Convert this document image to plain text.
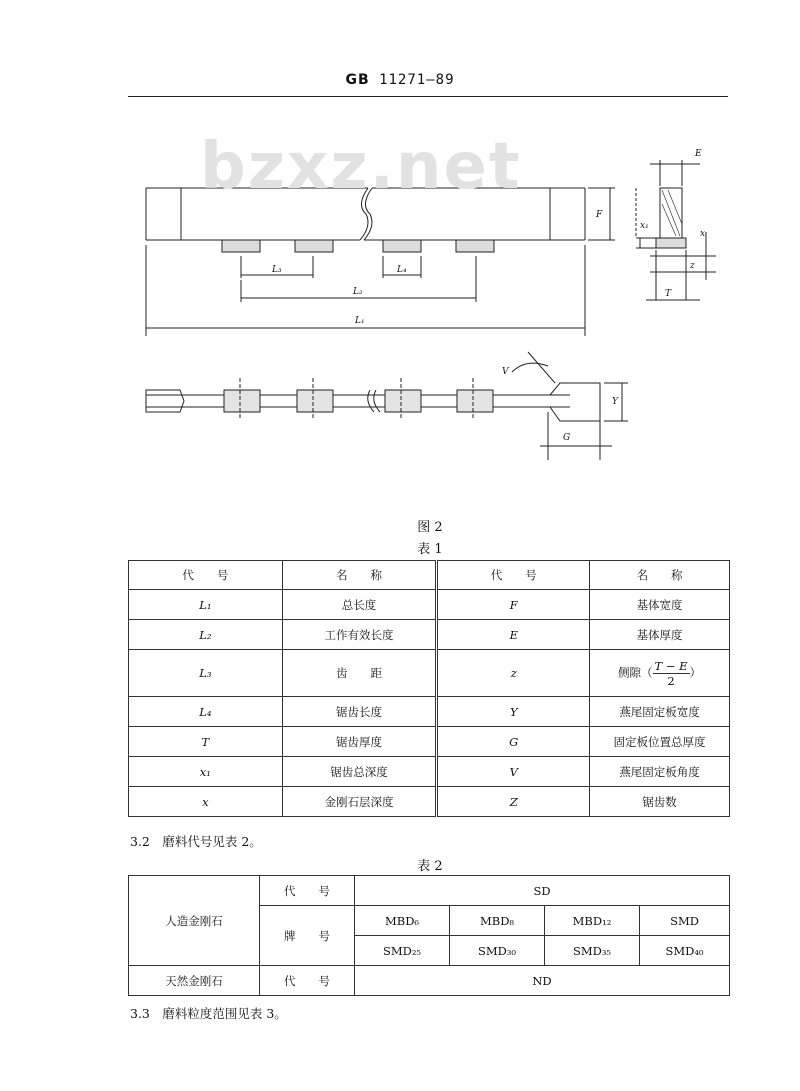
GB 11271—89
L₃	L₄
L₂
L₁
F
E
x₁
x
z
T
V
Y
G
bzxz.net
图 2
表 1
代　　号	名　　称	代　　号	名　　称
L₁	总长度	F	基体宽度
L₂	工作有效长度	E	基体厚度
L₃	齿　　距	z	侧隙（ $\frac{T - E}{2}$ ）
L₄	锯齿长度	Y	燕尾固定板宽度
T	锯齿厚度	G	固定板位置总厚度
x₁	锯齿总深度	V	燕尾固定板角度
x	金刚石层深度	Z	锯齿数
3.2　磨料代号见表 2。
表 2
人造金刚石	代　　号	SD			
	牌　　号	MBD₆	MBD₈	MBD₁₂	SMD
		SMD₂₅	SMD₃₀	SMD₃₅	SMD₄₀
天然金刚石	代　　号	ND			
3.3　磨料粒度范围见表 3。
